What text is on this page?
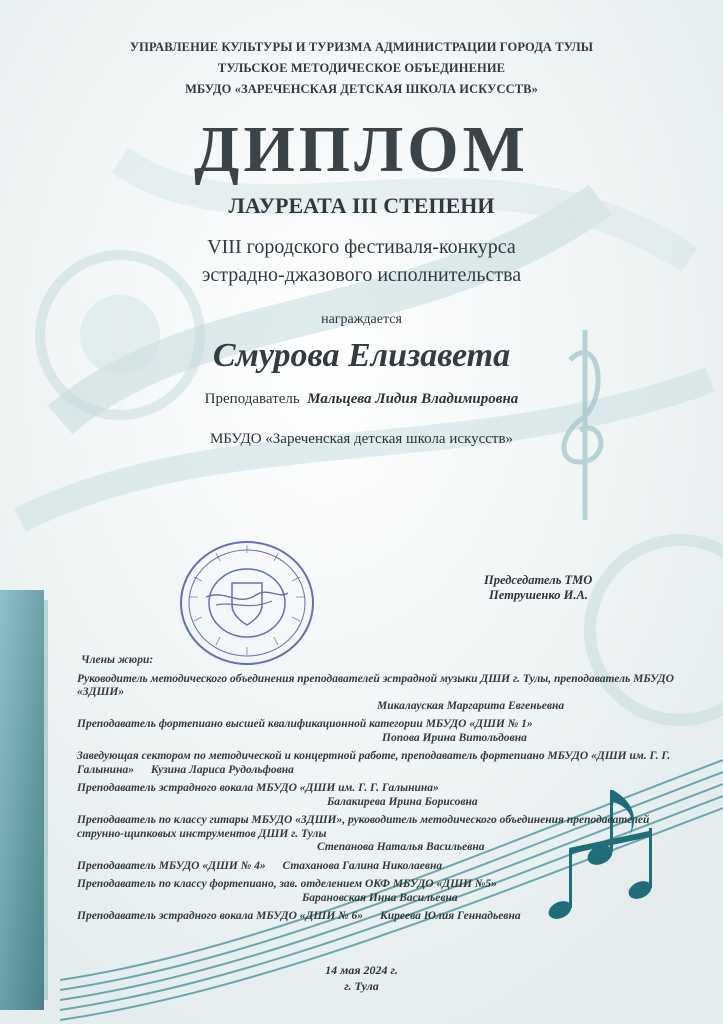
УПРАВЛЕНИЕ КУЛЬТУРЫ И ТУРИЗМА АДМИНИСТРАЦИИ ГОРОДА ТУЛЫ
ТУЛЬСКОЕ МЕТОДИЧЕСКОЕ ОБЪЕДИНЕНИЕ
МБУДО «ЗАРЕЧЕНСКАЯ ДЕТСКАЯ ШКОЛА ИСКУССТВ»
ДИПЛОМ
ЛАУРЕАТА III СТЕПЕНИ
VIII городского фестиваля-конкурса
эстрадно-джазового исполнительства
награждается
Смурова Елизавета
Преподаватель Мальцева Лидия Владимировна
МБУДО «Зареченская детская школа искусств»
Председатель ТМО
Петрушенко И.А.
Члены жюри:
Руководитель методического объединения преподавателей эстрадной музыки ДШИ г. Тулы, преподаватель МБУДО «ЗДШИ»
Микалауская Маргарита Евгеньевна
Преподаватель фортепиано высшей квалификационной категории МБУДО «ДШИ № 1»
Попова Ирина Витольдовна
Заведующая сектором по методической и концертной работе, преподаватель фортепиано МБУДО «ДШИ им. Г. Г. Галынина» Кузина Лариса Рудольфовна
Преподаватель эстрадного вокала МБУДО «ДШИ им. Г. Г. Галынина»
Балакирева Ирина Борисовна
Преподаватель по классу гитары МБУДО «ЗДШИ», руководитель методического объединения преподавателей струнно-щипковых инструментов ДШИ г. Тулы
Степанова Наталья Васильевна
Преподаватель МБУДО «ДШИ № 4» Стаханова Галина Николаевна
Преподаватель по классу фортепиано, зав. отделением ОКФ МБУДО «ДШИ №5»
Барановская Инна Васильевна
Преподаватель эстрадного вокала МБУДО «ДШИ № 6» Киреева Юлия Геннадьевна
14 мая 2024 г.
г. Тула
